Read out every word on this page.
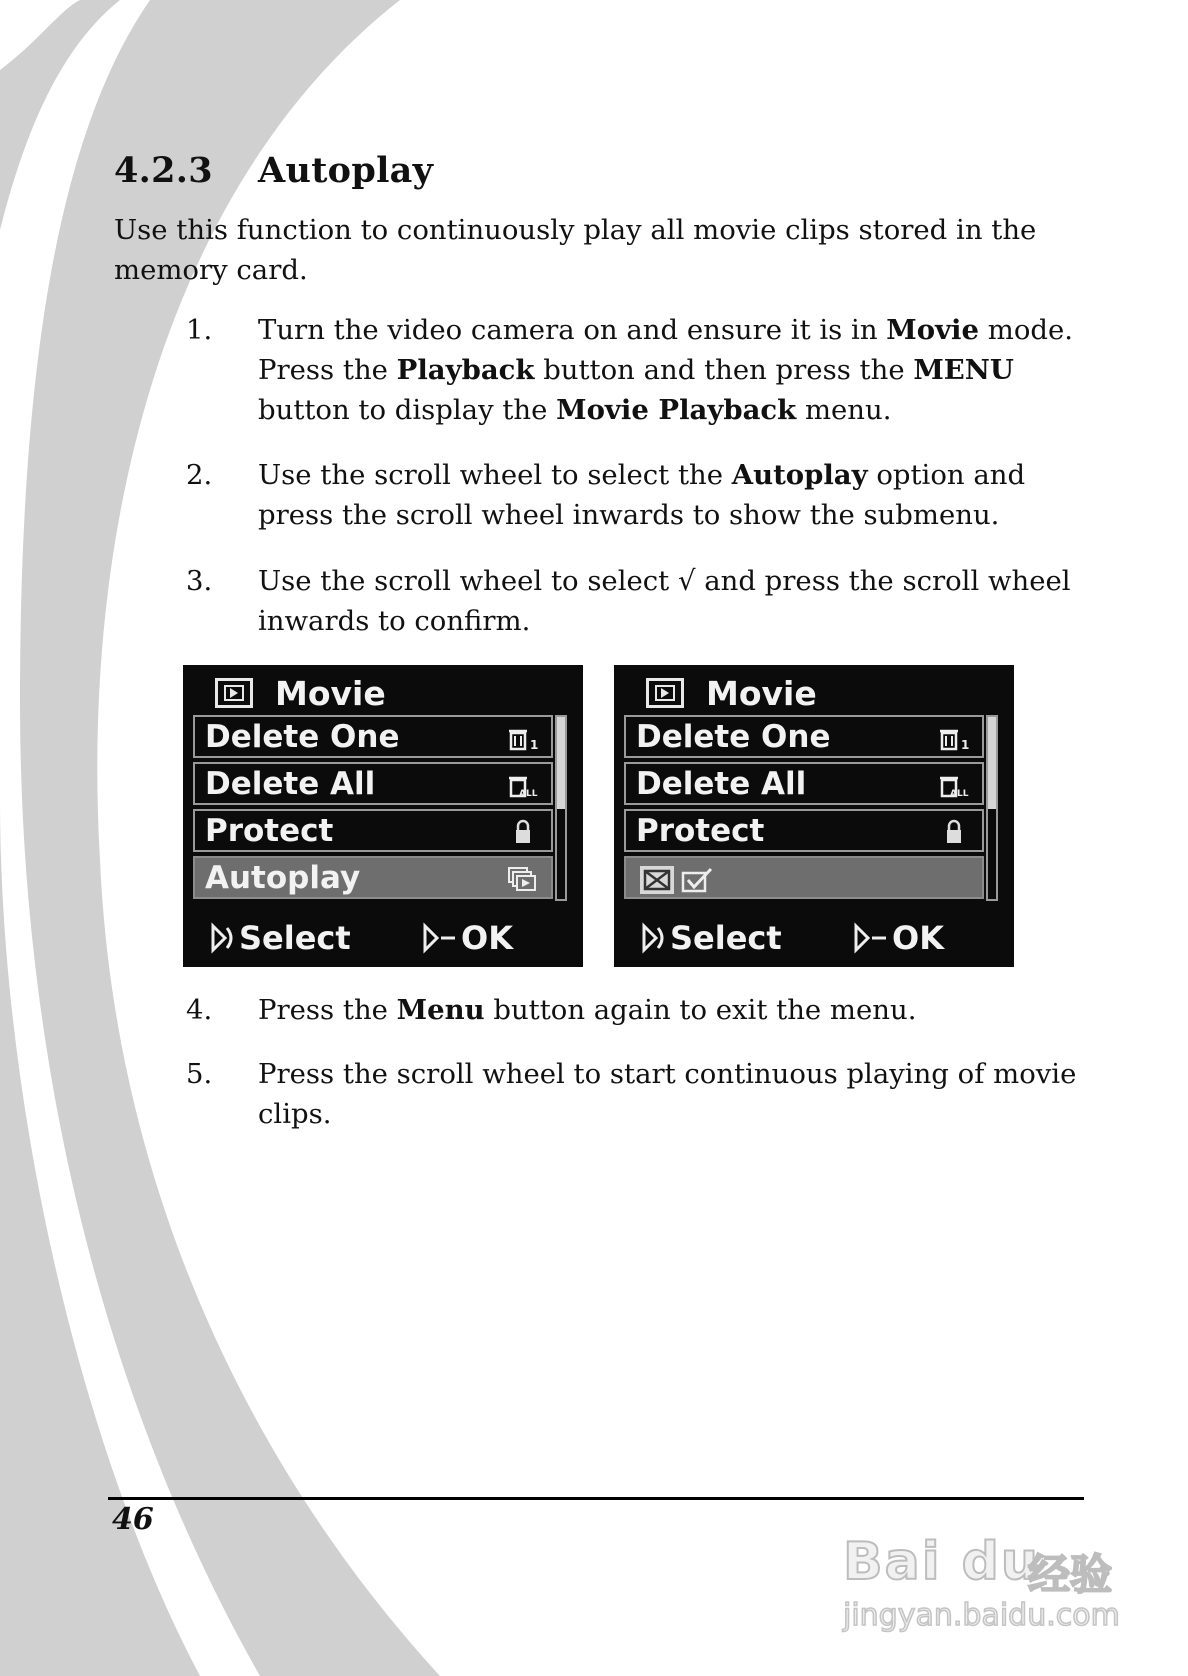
4.2.3 Autoplay
Use this function to continuously play all movie clips stored in the memory card.
1.	Turn the video camera on and ensure it is in Movie mode. Press the Playback button and then press the MENU button to display the Movie Playback menu.
2.	Use the scroll wheel to select the Autoplay option and press the scroll wheel inwards to show the submenu.
3.	Use the scroll wheel to select √ and press the scroll wheel inwards to confirm.
Movie
Delete One	1
Delete All	ALL
Protect
Autoplay
Select	OK
Movie
Delete One	1
Delete All	ALL
Protect
Select	OK
4.	Press the Menu button again to exit the menu.
5.	Press the scroll wheel to start continuous playing of movie clips.
46
Bai du
经验
jingyan.baidu.com
